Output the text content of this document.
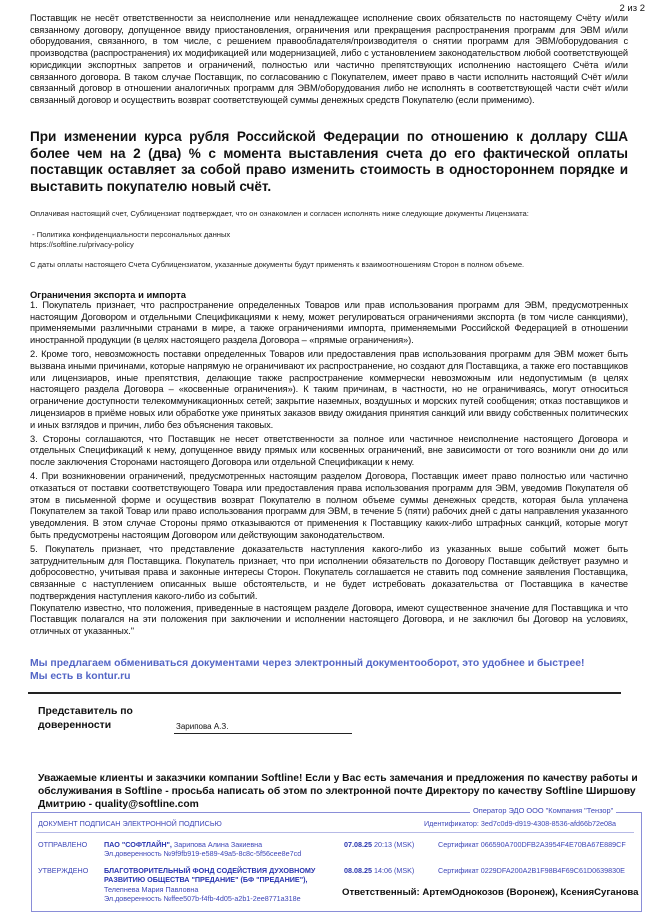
2 из 2
Поставщик не несёт ответственности за неисполнение или ненадлежащее исполнение своих обязательств по настоящему Счёту и/или связанному договору, допущенное ввиду приостановления, ограничения или прекращения распространения программ для ЭВМ и/или оборудования, связанного, в том числе, с решением правообладателя/производителя о снятии программ для ЭВМ/оборудования с производства (распространения) их модификацией или модернизацией, либо с установлением законодательством любой соответствующей юрисдикции экспортных запретов и ограничений, полностью или частично препятствующих исполнению настоящего Счёта и/или связанного договора. В таком случае Поставщик, по согласованию с Покупателем, имеет право в части исполнить настоящий Счёт и/или связанный договор в отношении аналогичных программ для ЭВМ/оборудования либо не исполнять в соответствующей части счёт и/или связанный договор и осуществить возврат соответствующей суммы денежных средств Покупателю (если применимо).
При изменении курса рубля Российской Федерации по отношению к доллару США более чем на 2 (два) % с момента выставления счета до его фактической оплаты поставщик оставляет за собой право изменить стоимость в одностороннем порядке и выставить покупателю новый счёт.
Оплачивая настоящий счет, Сублицензиат подтверждает, что он ознакомлен и согласен исполнять ниже следующие документы Лицензиата:
- Политика конфиденциальности персональных данных
https://softline.ru/privacy-policy
С даты оплаты настоящего Счета Сублицензиатом, указанные документы будут применять к взаимоотношениям Сторон в полном объеме.
Ограничения экспорта и импорта

1. Покупатель признает, что распространение определенных Товаров или прав использования программ для ЭВМ, предусмотренных настоящим Договором и отдельными Спецификациями к нему, может регулироваться ограничениями экспорта (в том числе санкциями), применяемыми различными странами в мире, а также ограничениями импорта, применяемыми Российской Федерацией в отношении иностранной продукции (в целях настоящего раздела Договора – «прямые ограничения»).

2. Кроме того, невозможность поставки определенных Товаров или предоставления прав использования программ для ЭВМ может быть вызвана иными причинами, которые напрямую не ограничивают их распространение, но создают для Поставщика, а также его поставщиков или лицензиаров, иные препятствия, делающие также распространение коммерчески невозможным или недопустимым (в целях настоящего раздела Договора – «косвенные ограничения»). К таким причинам, в частности, но не ограничиваясь, могут относиться ограничение доступности телекоммуникационных сетей; закрытие наземных, воздушных и морских путей сообщения; отказ поставщиков и лицензиаров в приёме новых или обработке уже принятых заказов ввиду ожидания принятия санкций или ввиду собственных политических и иных взглядов и причин, либо без объяснения таковых.

3. Стороны соглашаются, что Поставщик не несет ответственности за полное или частичное неисполнение настоящего Договора и отдельных Спецификаций к нему, допущенное ввиду прямых или косвенных ограничений, вне зависимости от того возникли они до или после заключения Сторонами настоящего Договора или отдельной Спецификации к нему.

4. При возникновении ограничений, предусмотренных настоящим разделом Договора, Поставщик имеет право полностью или частично отказаться от поставки соответствующего Товара или предоставления права использования программ для ЭВМ, уведомив Покупателя об этом в письменной форме и осуществив возврат Покупателю в полном объеме суммы денежных средств, которая была уплачена Покупателем за такой Товар или право использования программ для ЭВМ, в течение 5 (пяти) рабочих дней с даты направления указанного уведомления. В этом случае Стороны прямо отказываются от применения к Поставщику каких-либо штрафных санкций, которые могут быть предусмотрены настоящим Договором или действующим законодательством.

5. Покупатель признает, что представление доказательств наступления какого-либо из указанных выше событий может быть затруднительным для Поставщика. Покупатель признает, что при исполнении обязательств по Договору Поставщик действует разумно и добросовестно, учитывая права и законные интересы Сторон. Покупатель соглашается не ставить под сомнение заявления Поставщика, связанные с наступлением описанных выше обстоятельств, и не будет истребовать доказательства от Поставщика в качестве подтверждения наступления какого-либо из событий.

Покупателю известно, что положения, приведенные в настоящем разделе Договора, имеют существенное значение для Поставщика и что Поставщик полагался на эти положения при заключении и исполнении настоящего Договора, и не заключил бы Договор на условиях, отличных от указанных."

Мы предлагаем обмениваться документами через электронный документооборот, это удобнее и быстрее!
Мы есть в kontur.ru
Представитель по
доверенности	Зарипова А.З.
Уважаемые клиенты и заказчики компании Softline! Если у Вас есть замечания и предложения по качеству работы и обслуживания в Softline - просьба написать об этом по электронной почте Директору по качеству Softline Ширшову Дмитрию - quality@softline.com
Оператор ЭДО ООО "Компания "Тензор"
ДОКУМЕНТ ПОДПИСАН ЭЛЕКТРОННОЙ ПОДПИСЬЮ	Идентификатор: 3ed7c0d9-d919-4308-8536-afd66b72e08a
ОТПРАВЛЕНО ПАО "СОФТЛАЙН", Зарипова Алина Закиевна
Эл.доверенность №9f9fb919-e589-49a5-8c8c-5f56cee8e7cd
07.08.25 20:13 (MSK)	Сертификат 066590A700DFB2A3954F4E70BA67E889CF
УТВЕРЖДЕНО БЛАГОТВОРИТЕЛЬНЫЙ ФОНД СОДЕЙСТВИЯ ДУХОВНОМУ РАЗВИТИЮ ОБЩЕСТВА "ПРЕДАНИЕ" (БФ "ПРЕДАНИЕ"), Телепнева Мария Павловна
Эл.доверенность №ffee507b-f4fb-4d05-a2b1-2ee8771a318e
08.08.25 14:06 (MSK)	Сертификат 0229DFA200A2B1F98B4F69C61D0639830E
Ответственный: АртемОднокозов (Воронеж), КсенияСуганова
